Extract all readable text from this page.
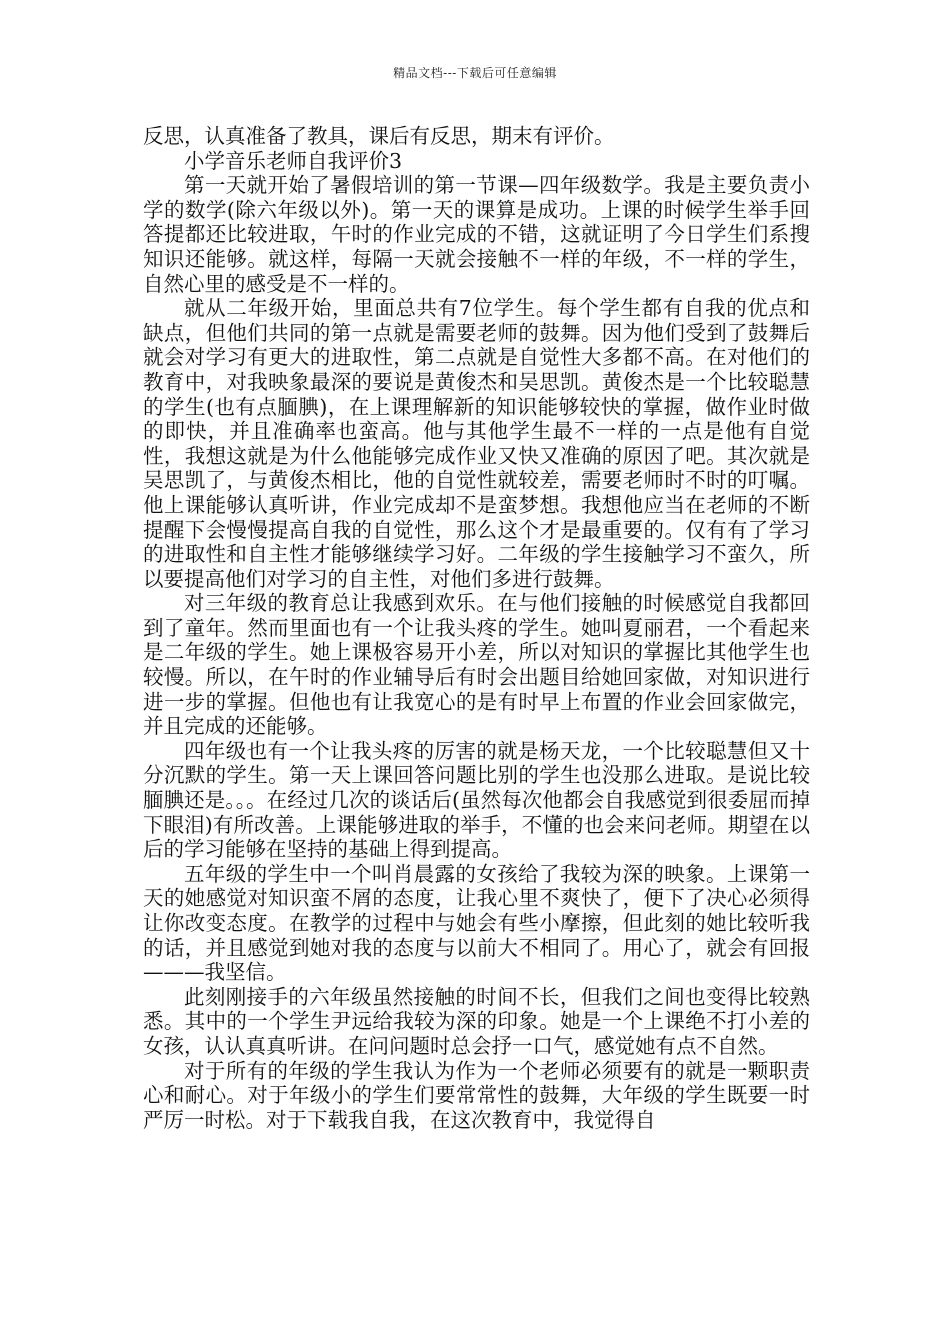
精品文档---下载后可任意编辑

反思，认真准备了教具，课后有反思，期末有评价。

小学音乐老师自我评价3

第一天就开始了暑假培训的第一节课—四年级数学。我是主要负责小学的数学(除六年级以外)。第一天的课算是成功。上课的时候学生举手回答提都还比较进取，午时的作业完成的不错，这就证明了今日学生们系搜知识还能够。就这样，每隔一天就会接触不一样的年级，不一样的学生，自然心里的感受是不一样的。

就从二年级开始，里面总共有7位学生。每个学生都有自我的优点和缺点，但他们共同的第一点就是需要老师的鼓舞。因为他们受到了鼓舞后就会对学习有更大的进取性，第二点就是自觉性大多都不高。在对他们的教育中，对我映象最深的要说是黄俊杰和吴思凯。黄俊杰是一个比较聪慧的学生(也有点腼腆)，在上课理解新的知识能够较快的掌握，做作业时做的即快，并且准确率也蛮高。他与其他学生最不一样的一点是他有自觉性，我想这就是为什么他能够完成作业又快又准确的原因了吧。其次就是吴思凯了，与黄俊杰相比，他的自觉性就较差，需要老师时不时的叮嘱。他上课能够认真听讲，作业完成却不是蛮梦想。我想他应当在老师的不断提醒下会慢慢提高自我的自觉性，那么这个才是最重要的。仅有有了学习的进取性和自主性才能够继续学习好。二年级的学生接触学习不蛮久，所以要提高他们对学习的自主性，对他们多进行鼓舞。

对三年级的教育总让我感到欢乐。在与他们接触的时候感觉自我都回到了童年。然而里面也有一个让我头疼的学生。她叫夏丽君，一个看起来是二年级的学生。她上课极容易开小差，所以对知识的掌握比其他学生也较慢。所以，在午时的作业辅导后有时会出题目给她回家做，对知识进行进一步的掌握。但他也有让我宽心的是有时早上布置的作业会回家做完，并且完成的还能够。

四年级也有一个让我头疼的厉害的就是杨天龙，一个比较聪慧但又十分沉默的学生。第一天上课回答问题比别的学生也没那么进取。是说比较腼腆还是。。。在经过几次的谈话后(虽然每次他都会自我感觉到很委屈而掉下眼泪)有所改善。上课能够进取的举手，不懂的也会来问老师。期望在以后的学习能够在坚持的基础上得到提高。

五年级的学生中一个叫肖晨露的女孩给了我较为深的映象。上课第一天的她感觉对知识蛮不屑的态度，让我心里不爽快了，便下了决心必须得让你改变态度。在教学的过程中与她会有些小摩擦，但此刻的她比较听我的话，并且感觉到她对我的态度与以前大不相同了。用心了，就会有回报———我坚信。

此刻刚接手的六年级虽然接触的时间不长，但我们之间也变得比较熟悉。其中的一个学生尹远给我较为深的印象。她是一个上课绝不打小差的女孩，认认真真听讲。在问问题时总会抒一口气，感觉她有点不自然。

对于所有的年级的学生我认为作为一个老师必须要有的就是一颗职责心和耐心。对于年级小的学生们要常常性的鼓舞，大年级的学生既要一时严厉一时松。对于下载我自我，在这次教育中，我觉得自
